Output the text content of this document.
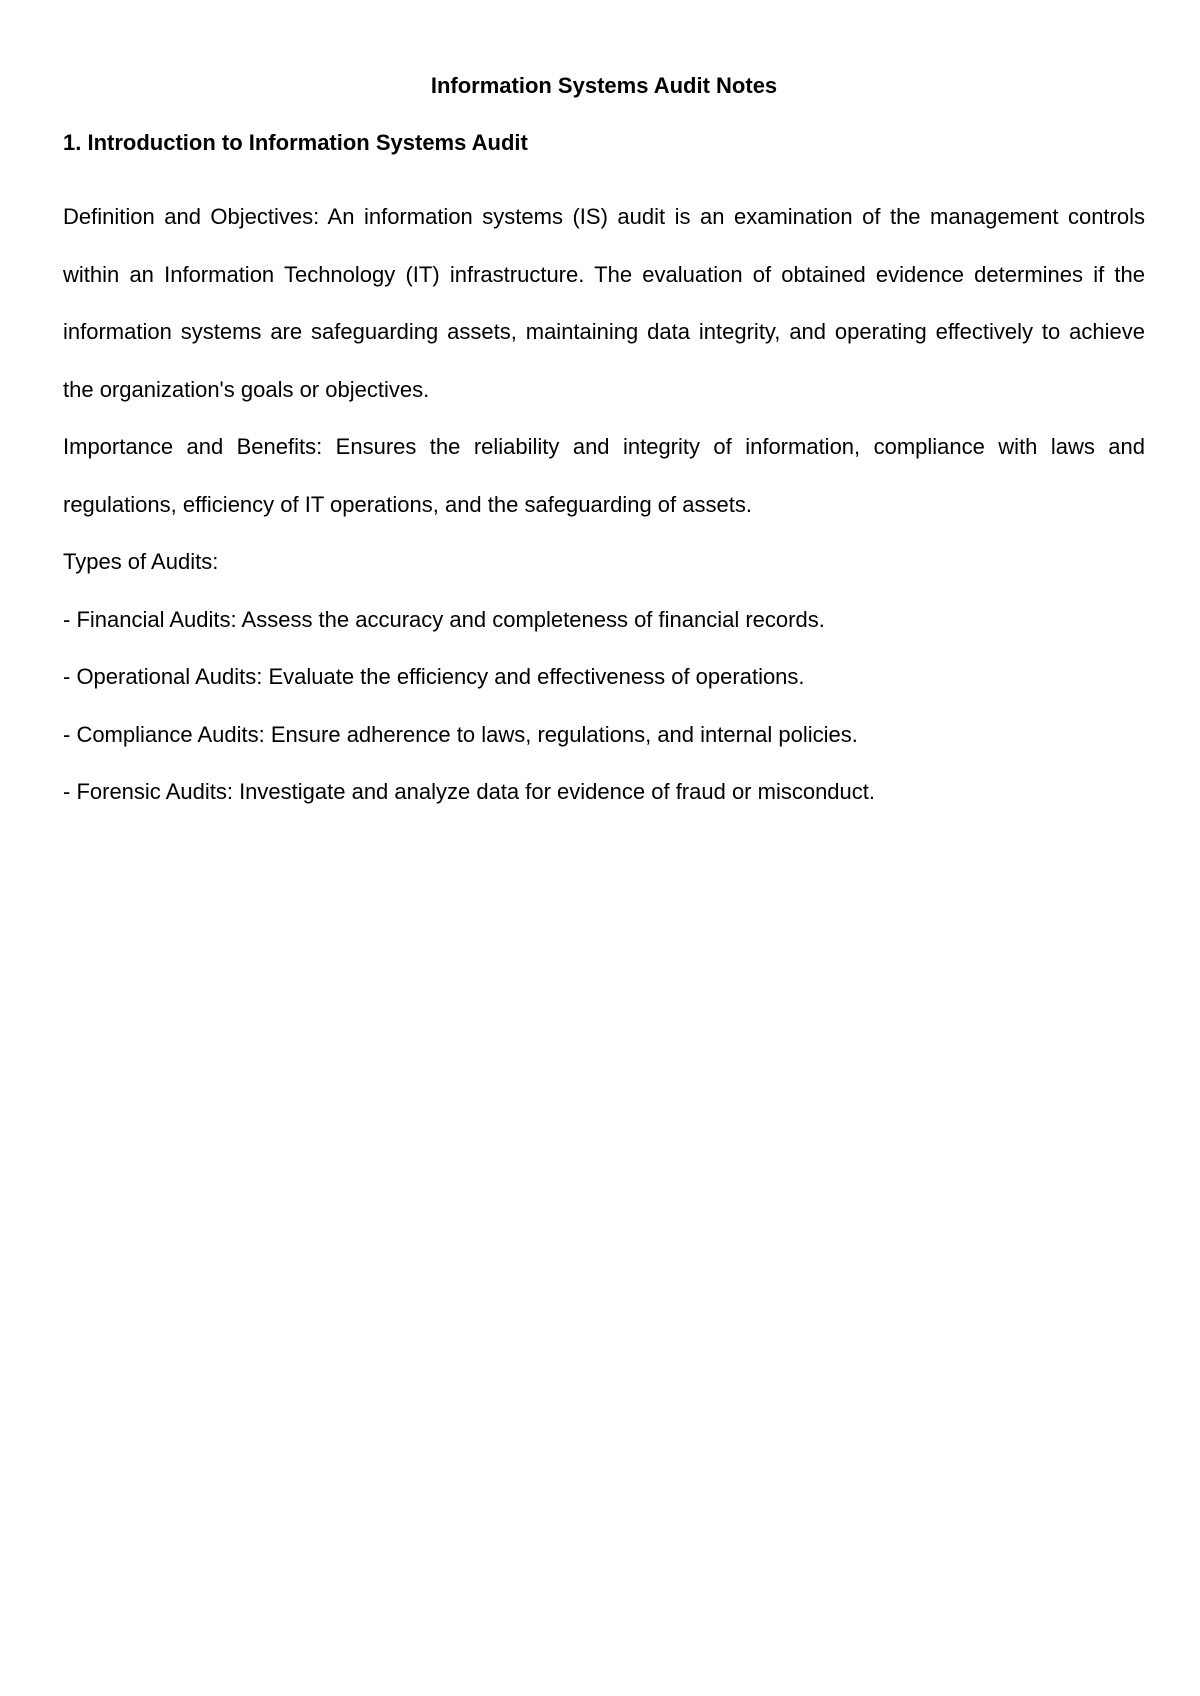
Information Systems Audit Notes
1. Introduction to Information Systems Audit

Definition and Objectives: An information systems (IS) audit is an examination of the management controls within an Information Technology (IT) infrastructure. The evaluation of obtained evidence determines if the information systems are safeguarding assets, maintaining data integrity, and operating effectively to achieve the organization's goals or objectives.

Importance and Benefits: Ensures the reliability and integrity of information, compliance with laws and regulations, efficiency of IT operations, and the safeguarding of assets.

Types of Audits:

- Financial Audits: Assess the accuracy and completeness of financial records.
- Operational Audits: Evaluate the efficiency and effectiveness of operations.
- Compliance Audits: Ensure adherence to laws, regulations, and internal policies.
- Forensic Audits: Investigate and analyze data for evidence of fraud or misconduct.
